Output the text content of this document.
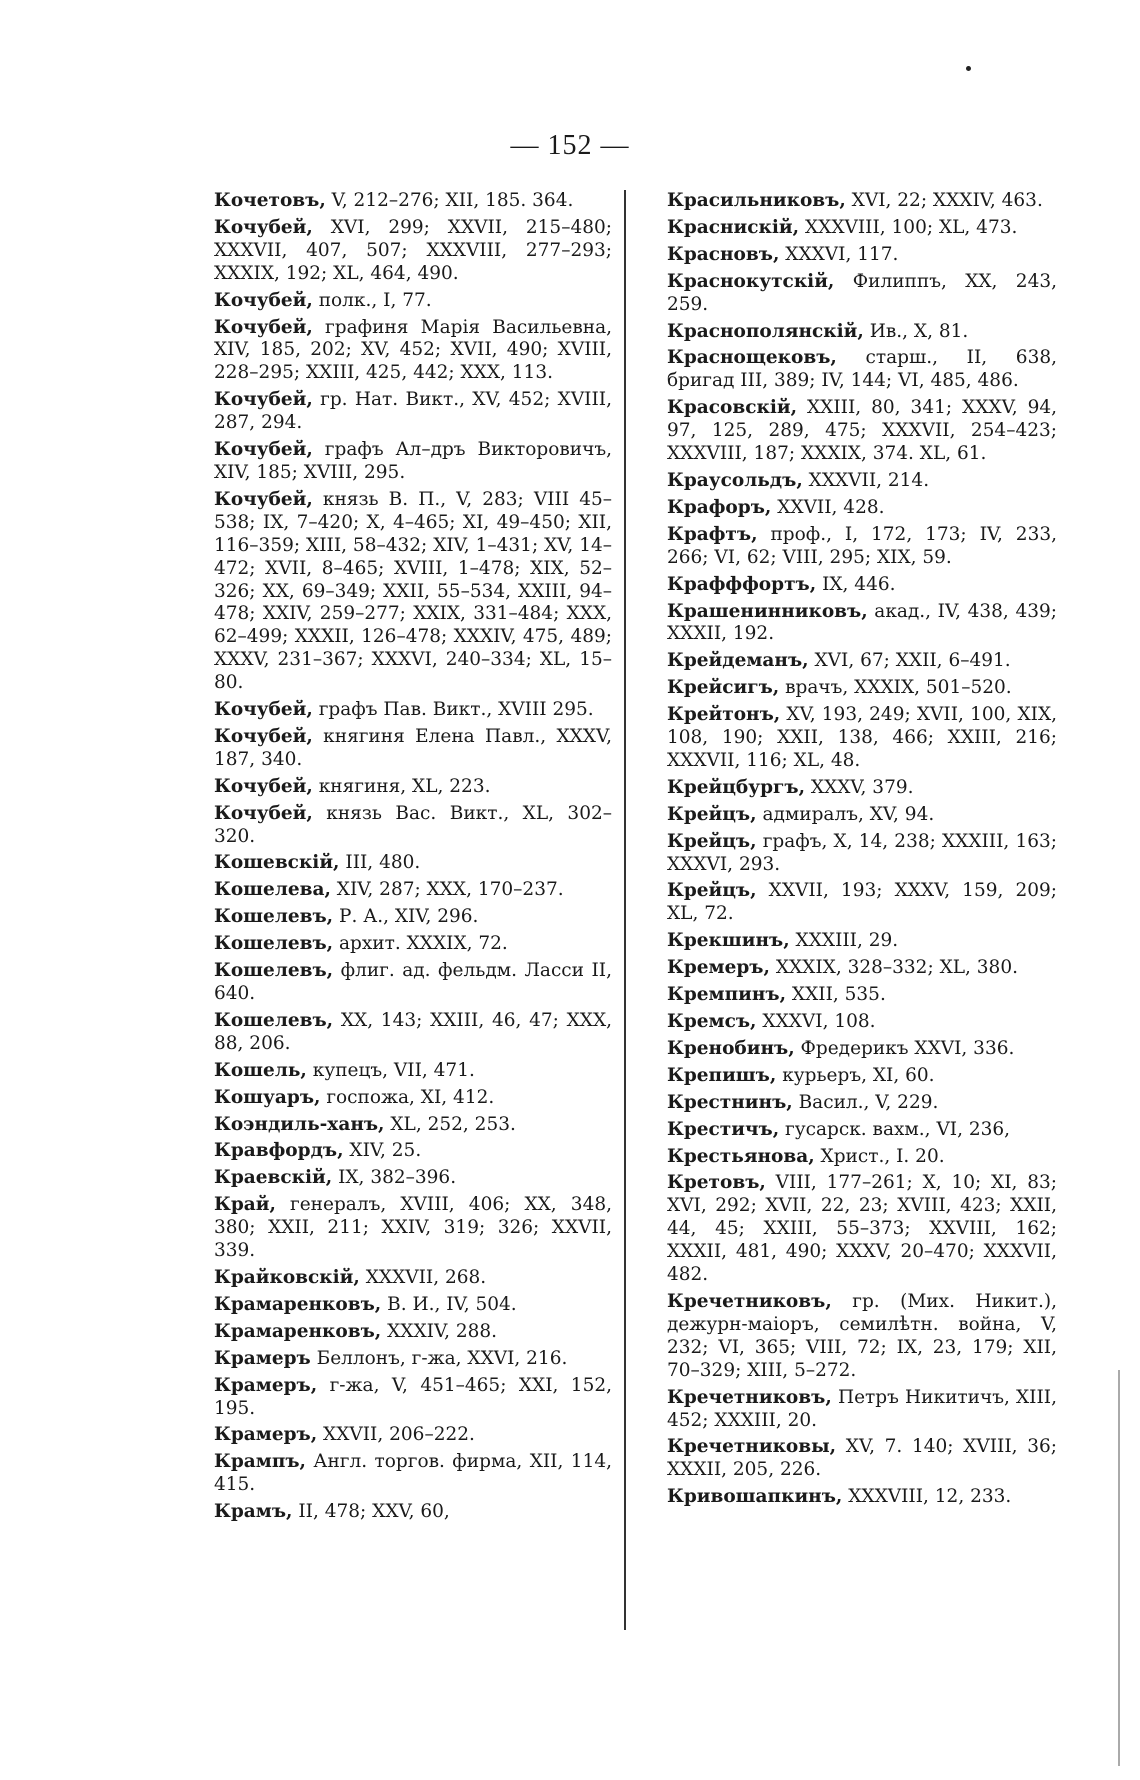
— 152 —
Кочетовъ, V, 212–276; XII, 185. 364.
Кочубей, XVI, 299; XXVII, 215–480; XXXVII, 407, 507; XXXVIII, 277–293; XXXIX, 192; XL, 464, 490.
Кочубей, полк., I, 77.
Кочубей, графиня Марія Васильевна, XIV, 185, 202; XV, 452; XVII, 490; XVIII, 228–295; XXIII, 425, 442; XXX, 113.
Кочубей, гр. Нат. Викт., XV, 452; XVIII, 287, 294.
Кочубей, графъ Ал–дръ Викторовичъ, XIV, 185; XVIII, 295.
Кочубей, князь В. П., V, 283; VIII 45–538; IX, 7–420; X, 4–465; XI, 49–450; XII, 116–359; XIII, 58–432; XIV, 1–431; XV, 14–472; XVII, 8–465; XVIII, 1–478; XIX, 52–326; XX, 69–349; XXII, 55–534, XXIII, 94–478; XXIV, 259–277; XXIX, 331–484; XXX, 62–499; XXXII, 126–478; XXXIV, 475, 489; XXXV, 231–367; XXXVI, 240–334; XL, 15–80.
Кочубей, графъ Пав. Викт., XVIII 295.
Кочубей, княгиня Елена Павл., XXXV, 187, 340.
Кочубей, княгиня, XL, 223.
Кочубей, князь Вас. Викт., XL, 302–320.
Кошевскій, III, 480.
Кошелева, XIV, 287; XXX, 170–237.
Кошелевъ, Р. А., XIV, 296.
Кошелевъ, архит. XXXIX, 72.
Кошелевъ, флиг. ад. фельдм. Ласси II, 640.
Кошелевъ, XX, 143; XXIII, 46, 47; XXX, 88, 206.
Кошель, купецъ, VII, 471.
Кошуаръ, госпожа, XI, 412.
Коэндиль-ханъ, XL, 252, 253.
Кравфордъ, XIV, 25.
Краевскій, IX, 382–396.
Край, генералъ, XVIII, 406; XX, 348, 380; XXII, 211; XXIV, 319; 326; XXVII, 339.
Крайковскій, XXXVII, 268.
Крамаренковъ, В. И., IV, 504.
Крамаренковъ, XXXIV, 288.
Крамеръ Беллонъ, г-жа, XXVI, 216.
Крамеръ, г-жа, V, 451–465; XXI, 152, 195.
Крамеръ, XXVII, 206–222.
Крампъ, Англ. торгов. фирма, XII, 114, 415.
Крамъ, II, 478; XXV, 60,
Красильниковъ, XVI, 22; XXXIV, 463.
Краснискій, XXXVIII, 100; XL, 473.
Красновъ, XXXVI, 117.
Краснокутскій, Филиппъ, XX, 243, 259.
Краснополянскій, Ив., X, 81.
Краснощековъ, старш., II, 638, бригад III, 389; IV, 144; VI, 485, 486.
Красовскій, XXIII, 80, 341; XXXV, 94, 97, 125, 289, 475; XXXVII, 254–423; XXXVIII, 187; XXXIX, 374. XL, 61.
Краусольдъ, XXXVII, 214.
Крафоръ, XXVII, 428.
Крафтъ, проф., I, 172, 173; IV, 233, 266; VI, 62; VIII, 295; XIX, 59.
Крафффортъ, IX, 446.
Крашенинниковъ, акад., IV, 438, 439; XXXII, 192.
Крейдеманъ, XVI, 67; XXII, 6–491.
Крейсигъ, врачъ, XXXIX, 501–520.
Крейтонъ, XV, 193, 249; XVII, 100, XIX, 108, 190; XXII, 138, 466; XXIII, 216; XXXVII, 116; XL, 48.
Крейцбургъ, XXXV, 379.
Крейцъ, адмиралъ, XV, 94.
Крейцъ, графъ, X, 14, 238; XXXIII, 163; XXXVI, 293.
Крейцъ, XXVII, 193; XXXV, 159, 209; XL, 72.
Крекшинъ, XXXIII, 29.
Кремеръ, XXXIX, 328–332; XL, 380.
Кремпинъ, XXII, 535.
Кремсъ, XXXVI, 108.
Кренобинъ, Фредерикъ XXVI, 336.
Крепишъ, курьеръ, XI, 60.
Крестнинъ, Васил., V, 229.
Крестичъ, гусарск. вахм., VI, 236,
Крестьянова, Христ., I. 20.
Кретовъ, VIII, 177–261; X, 10; XI, 83; XVI, 292; XVII, 22, 23; XVIII, 423; XXII, 44, 45; XXIII, 55–373; XXVIII, 162; XXXII, 481, 490; XXXV, 20–470; XXXVII, 482.
Кречетниковъ, гр. (Мих. Никит.), дежурн-маіоръ, семилѣтн. война, V, 232; VI, 365; VIII, 72; IX, 23, 179; XII, 70–329; XIII, 5–272.
Кречетниковъ, Петръ Никитичъ, XIII, 452; XXXIII, 20.
Кречетниковы, XV, 7. 140; XVIII, 36; XXXII, 205, 226.
Кривошапкинъ, XXXVIII, 12, 233.
